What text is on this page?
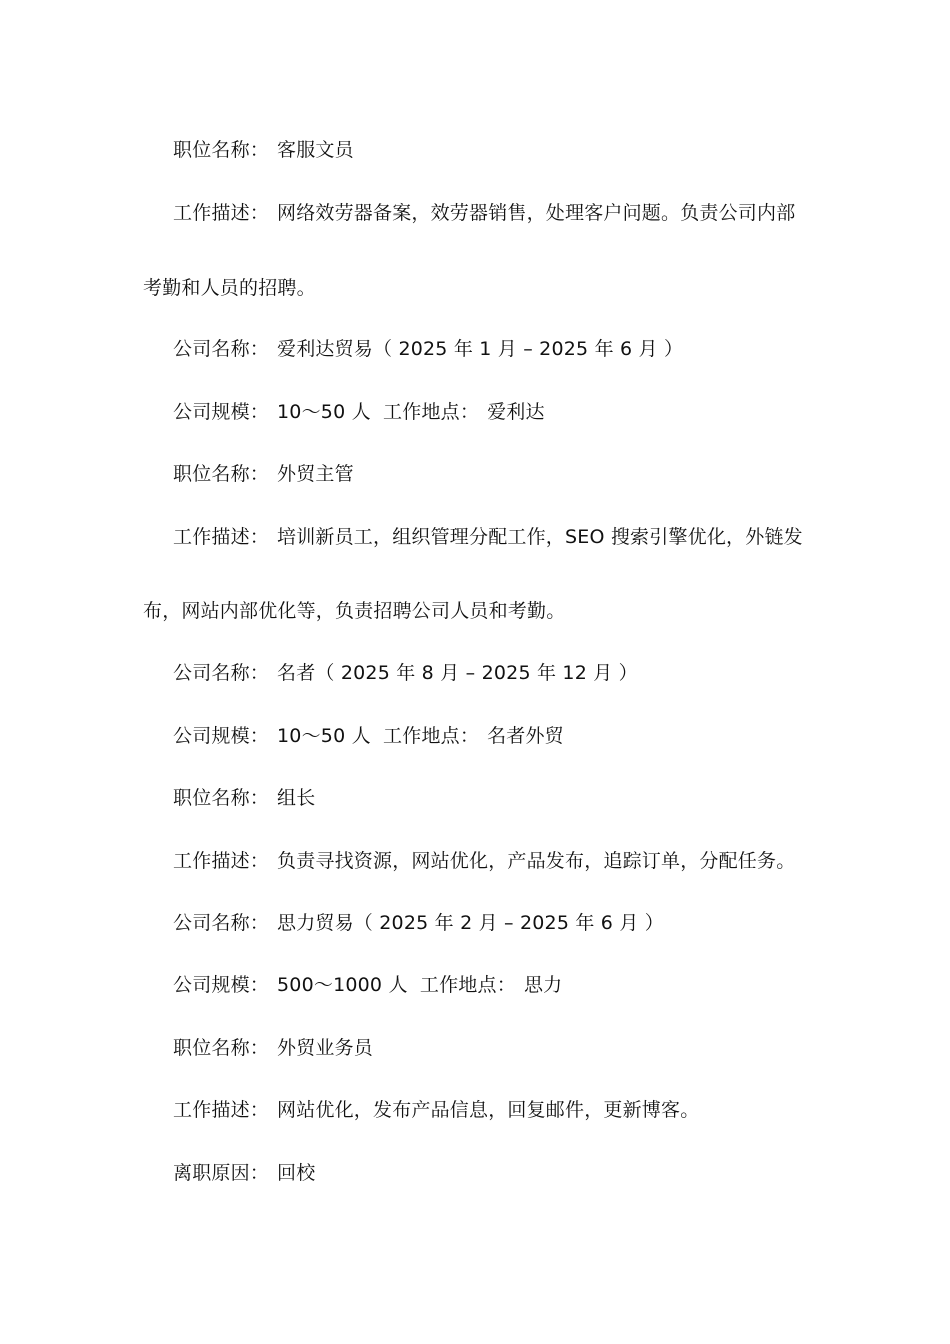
职位名称： 客服文员
工作描述： 网络效劳器备案，效劳器销售，处理客户问题。负责公司内部
考勤和人员的招聘。
公司名称： 爱利达贸易（ 2025 年 1 月 – 2025 年 6 月 ）
公司规模： 10～50 人 工作地点： 爱利达
职位名称： 外贸主管
工作描述： 培训新员工，组织管理分配工作，SEO 搜索引擎优化，外链发
布，网站内部优化等，负责招聘公司人员和考勤。
公司名称： 名者（ 2025 年 8 月 – 2025 年 12 月 ）
公司规模： 10～50 人 工作地点： 名者外贸
职位名称： 组长
工作描述： 负责寻找资源，网站优化，产品发布，追踪订单，分配任务。
公司名称： 思力贸易（ 2025 年 2 月 – 2025 年 6 月 ）
公司规模： 500～1000 人 工作地点： 思力
职位名称： 外贸业务员
工作描述： 网站优化，发布产品信息，回复邮件，更新博客。
离职原因： 回校
